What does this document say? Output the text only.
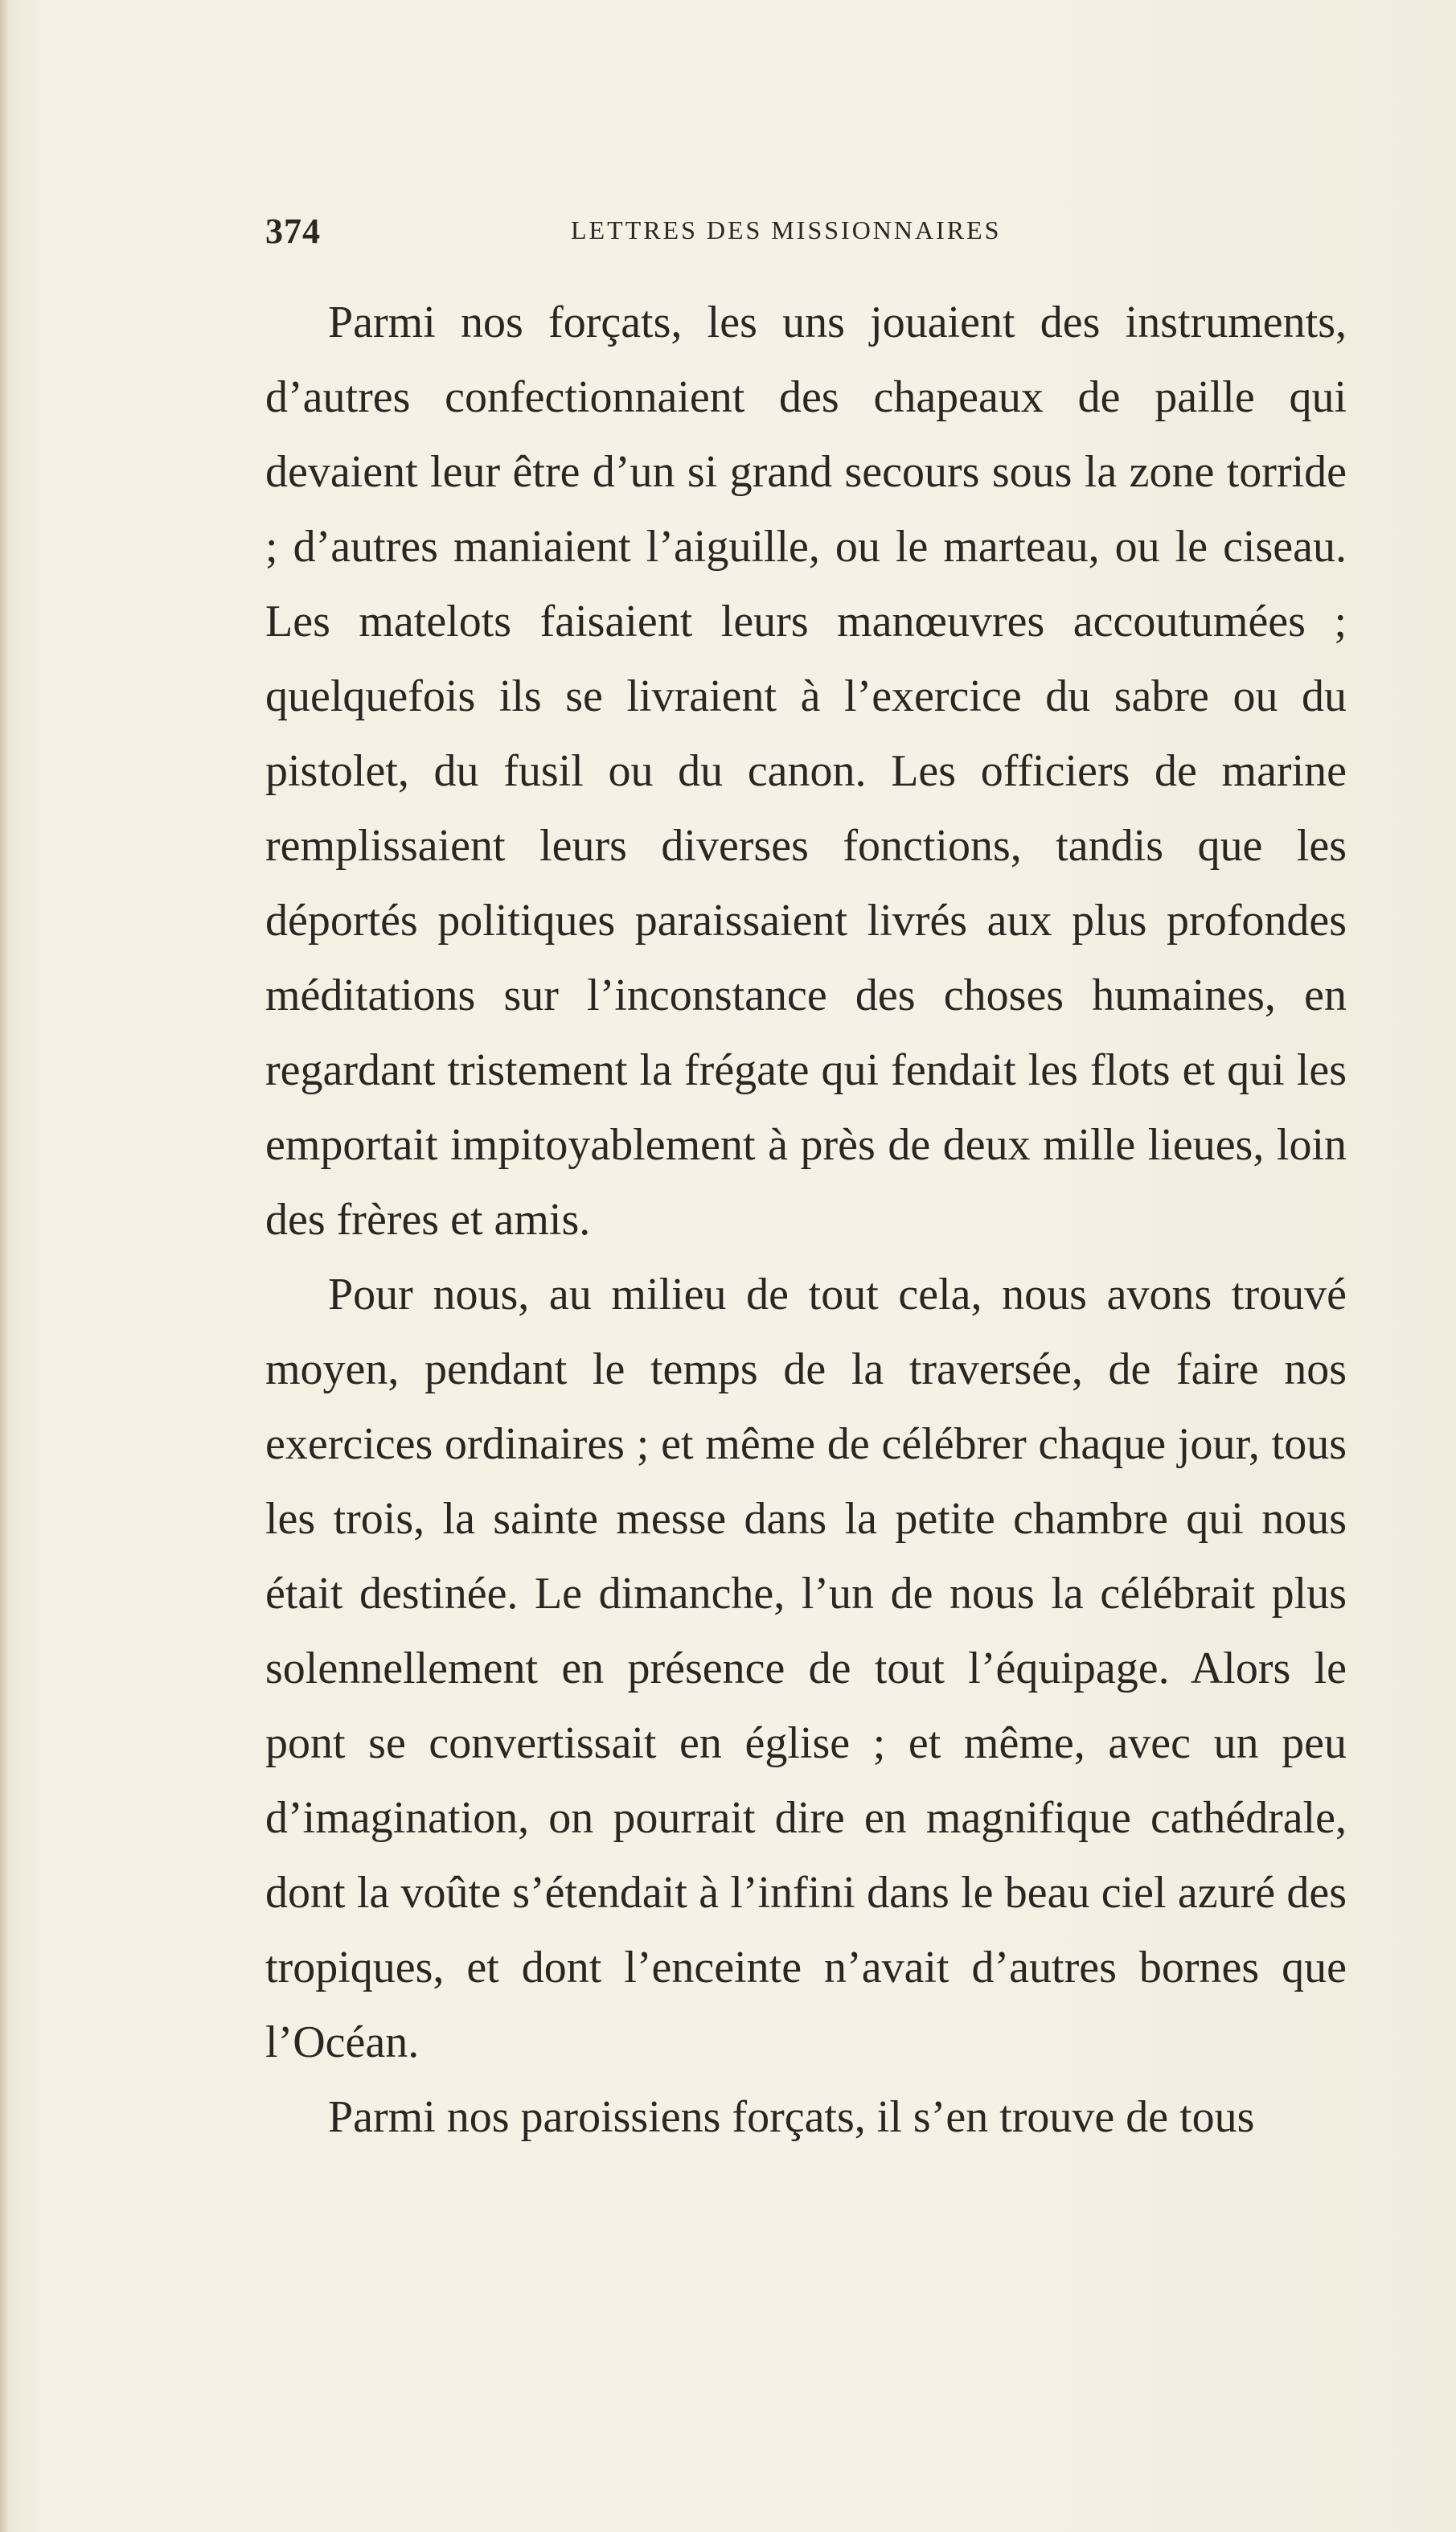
374	LETTRES DES MISSIONNAIRES

Parmi nos forçats, les uns jouaient des instruments, d’autres confectionnaient des chapeaux de paille qui devaient leur être d’un si grand secours sous la zone torride ; d’autres maniaient l’aiguille, ou le marteau, ou le ciseau. Les matelots faisaient leurs manœuvres accoutumées ; quelquefois ils se livraient à l’exercice du sabre ou du pistolet, du fusil ou du canon. Les officiers de marine remplissaient leurs diverses fonctions, tandis que les déportés politiques paraissaient livrés aux plus profondes méditations sur l’inconstance des choses humaines, en regardant tristement la frégate qui fendait les flots et qui les emportait impitoyablement à près de deux mille lieues, loin des frères et amis.

Pour nous, au milieu de tout cela, nous avons trouvé moyen, pendant le temps de la traversée, de faire nos exercices ordinaires ; et même de célébrer chaque jour, tous les trois, la sainte messe dans la petite chambre qui nous était destinée. Le dimanche, l’un de nous la célébrait plus solennellement en présence de tout l’équipage. Alors le pont se convertissait en église ; et même, avec un peu d’imagination, on pourrait dire en magnifique cathédrale, dont la voûte s’étendait à l’infini dans le beau ciel azuré des tropiques, et dont l’enceinte n’avait d’autres bornes que l’Océan.

Parmi nos paroissiens forçats, il s’en trouve de tous
